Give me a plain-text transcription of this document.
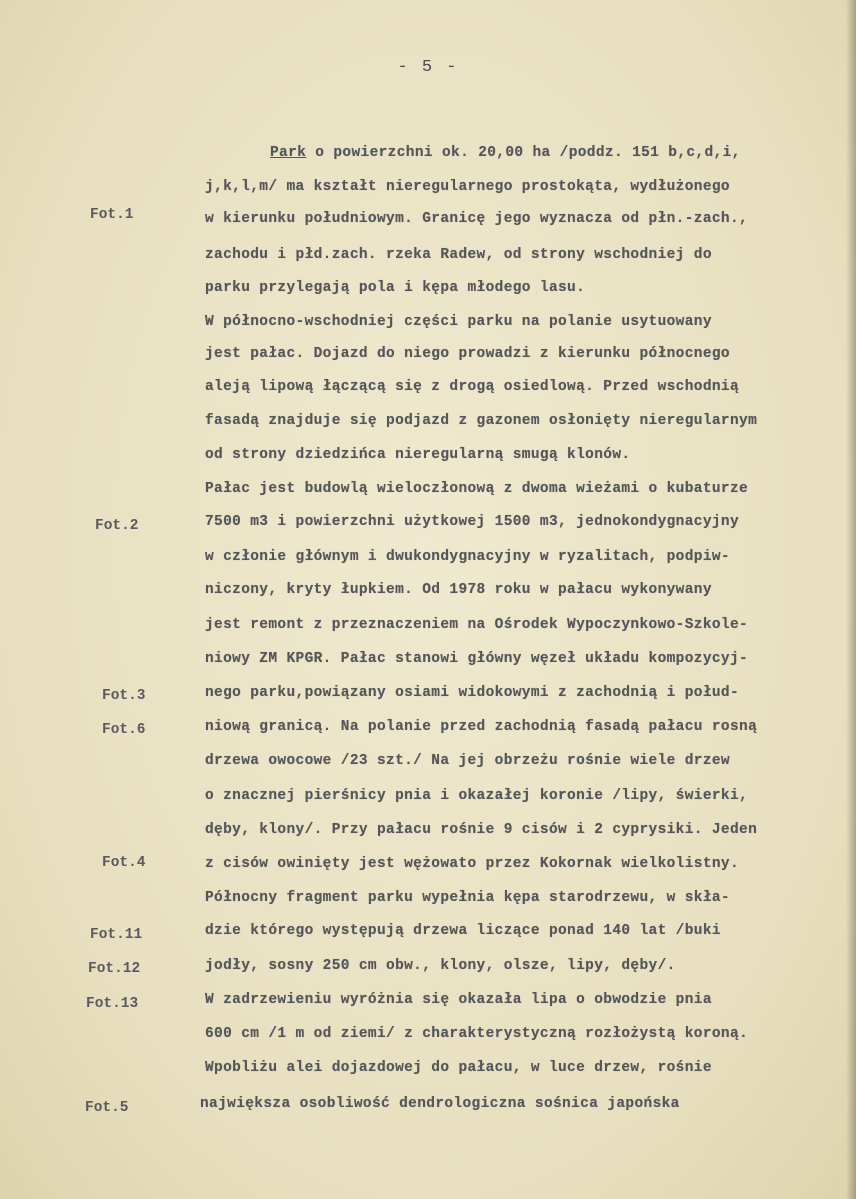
- 5 -
Park o powierzchni ok. 20,00 ha /poddz. 151 b,c,d,i,
j,k,l,m/ ma kształt nieregularnego prostokąta, wydłużonego
w kierunku południowym. Granicę jego wyznacza od płn.-zach.,
zachodu i płd.zach. rzeka Radew, od strony wschodniej do
parku przylegają pola i kępa młodego lasu.
W północno-wschodniej części parku na polanie usytuowany
jest pałac. Dojazd do niego prowadzi z kierunku północnego
aleją lipową łączącą się z drogą osiedlową. Przed wschodnią
fasadą znajduje się podjazd z gazonem osłonięty nieregularnym
od strony dziedzińca nieregularną smugą klonów.
Pałac jest budowlą wieloczłonową z dwoma wieżami o kubaturze
7500 m3 i powierzchni użytkowej 1500 m3, jednokondygnacyjny
w członie głównym i dwukondygnacyjny w ryzalitach, podpiw-
niczony, kryty łupkiem. Od 1978 roku w pałacu wykonywany
jest remont z przeznaczeniem na Ośrodek Wypoczynkowo-Szkole-
niowy ZM KPGR. Pałac stanowi główny węzeł układu kompozycyj-
nego parku,powiązany osiami widokowymi z zachodnią i połud-
niową granicą. Na polanie przed zachodnią fasadą pałacu rosną
drzewa owocowe /23 szt./ Na jej obrzeżu rośnie wiele drzew
o znacznej pierśnicy pnia i okazałej koronie /lipy, świerki,
dęby, klony/. Przy pałacu rośnie 9 cisów i 2 cyprysiki. Jeden
z cisów owinięty jest wężowato przez Kokornak wielkolistny.
Północny fragment parku wypełnia kępa starodrzewu, w skła-
dzie którego występują drzewa liczące ponad 140 lat /buki
jodły, sosny 250 cm obw., klony, olsze, lipy, dęby/.
W zadrzewieniu wyróżnia się okazała lipa o obwodzie pnia
600 cm /1 m od ziemi/ z charakterystyczną rozłożystą koroną.
Wpobliżu alei dojazdowej do pałacu, w luce drzew, rośnie
największa osobliwość dendrologiczna sośnica japońska
Fot.1
Fot.2
Fot.3
Fot.6
Fot.4
Fot.11
Fot.12
Fot.13
Fot.5
